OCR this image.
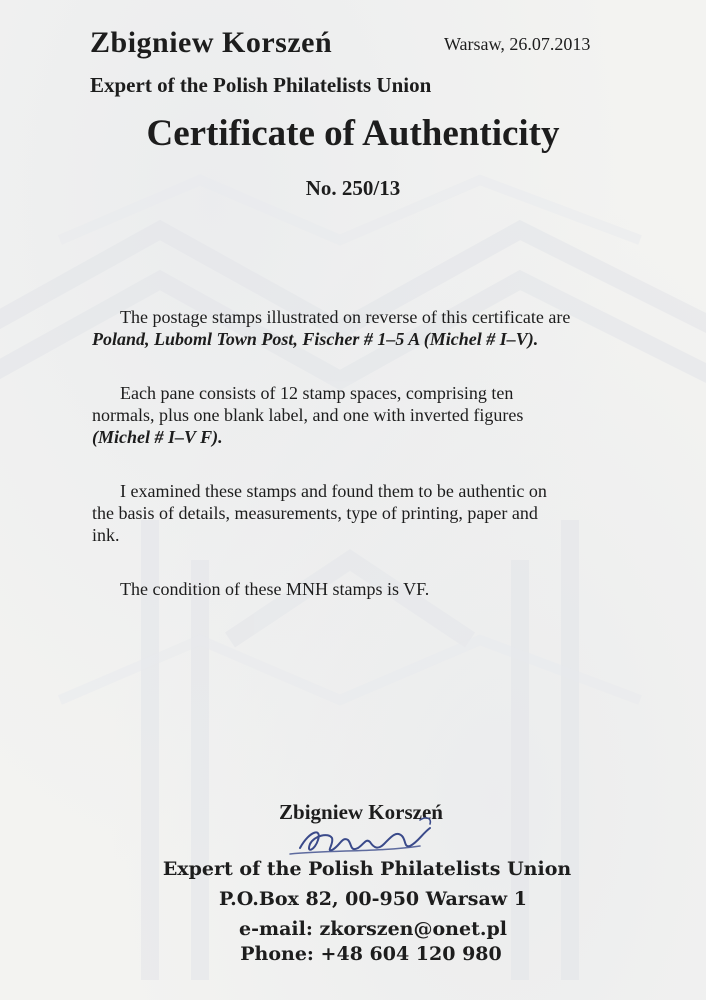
Zbigniew Korszeń	Warsaw, 26.07.2013
Expert of the Polish Philatelists Union
Certificate of Authenticity
No. 250/13
The postage stamps illustrated on reverse of this certificate are
Poland, Luboml Town Post, Fischer # 1–5 A (Michel # I–V).
Each pane consists of 12 stamp spaces, comprising ten
normals, plus one blank label, and one with inverted figures
(Michel # I–V F).
I examined these stamps and found them to be authentic on
the basis of details, measurements, type of printing, paper and
ink.
The condition of these MNH stamps is VF.
Zbigniew Korszeń
Expert of the Polish Philatelists Union
P.O.Box 82, 00-950 Warsaw 1
e-mail: zkorszen@onet.pl
Phone: +48 604 120 980
